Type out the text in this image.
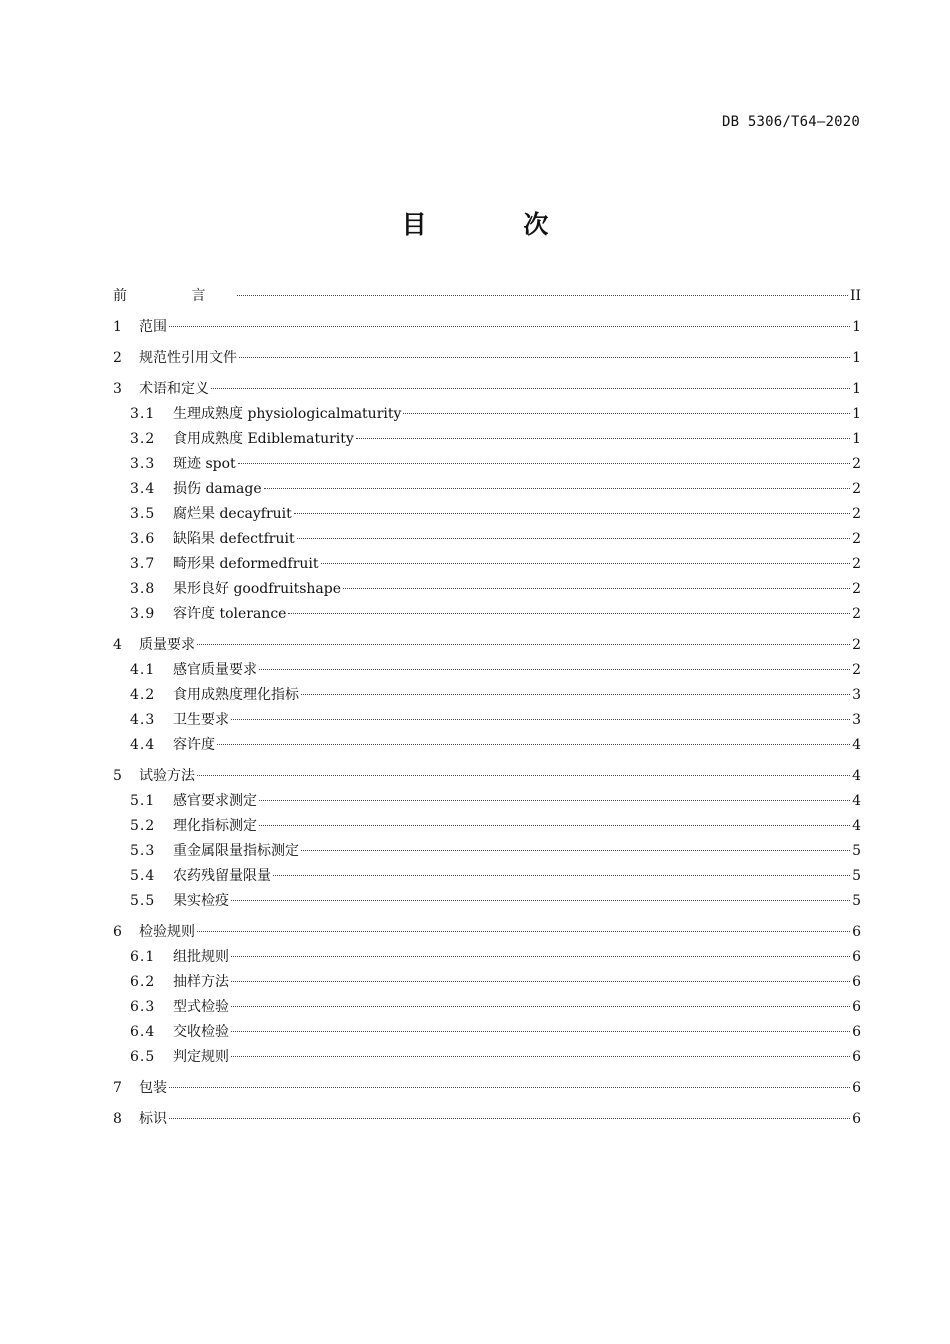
DB 5306/T64—2020
目 次
前 言	II
1	范围	1
2	规范性引用文件	1
3	术语和定义	1
3.1	生理成熟度 physiologicalmaturity	1
3.2	食用成熟度 Ediblematurity	1
3.3	斑迹 spot	2
3.4	损伤 damage	2
3.5	腐烂果 decayfruit	2
3.6	缺陷果 defectfruit	2
3.7	畸形果 deformedfruit	2
3.8	果形良好 goodfruitshape	2
3.9	容许度 tolerance	2
4	质量要求	2
4.1	感官质量要求	2
4.2	食用成熟度理化指标	3
4.3	卫生要求	3
4.4	容许度	4
5	试验方法	4
5.1	感官要求测定	4
5.2	理化指标测定	4
5.3	重金属限量指标测定	5
5.4	农药残留量限量	5
5.5	果实检疫	5
6	检验规则	6
6.1	组批规则	6
6.2	抽样方法	6
6.3	型式检验	6
6.4	交收检验	6
6.5	判定规则	6
7	包装	6
8	标识	6
